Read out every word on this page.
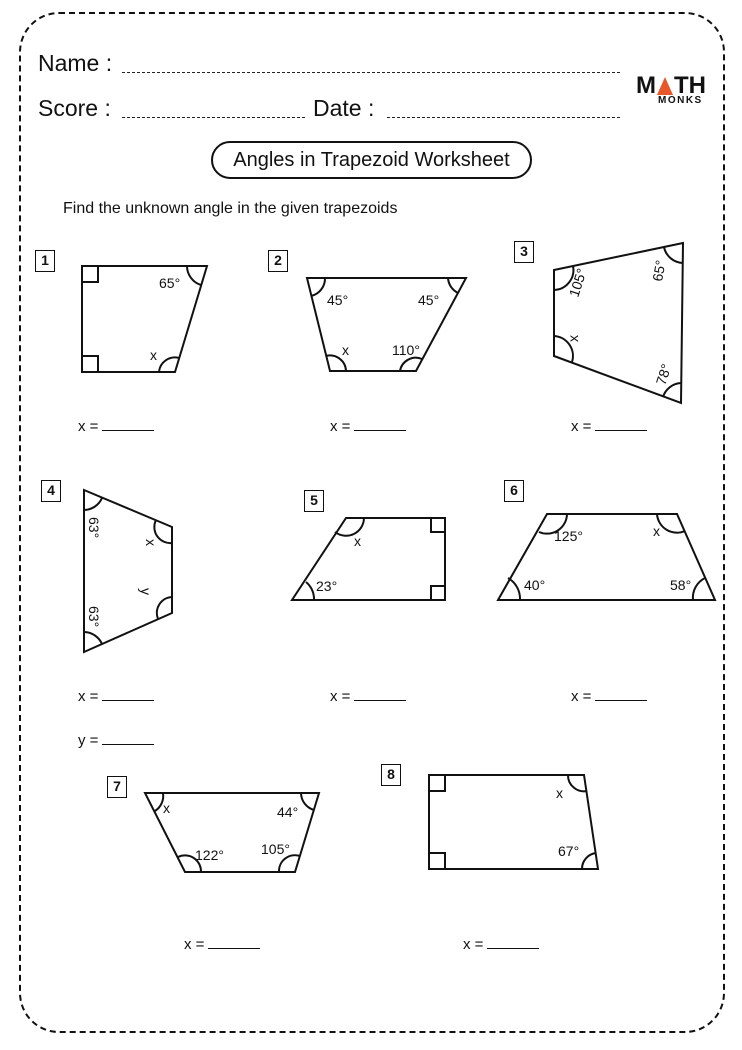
Name :
Score :	Date :
M TH
MONKS
Angles in Trapezoid Worksheet
Find the unknown angle in the given trapezoids
1	2
3
4
5
6
7
8
65°
x
45°	45°
x	110°
105°	65°
x
78°
63°
x
y
63°
x
23°
125°	x
40°	58°
x	44°
122°	105°
x
67°
x =	x =	x =
x =
y =
x =	x =
x =	x =
